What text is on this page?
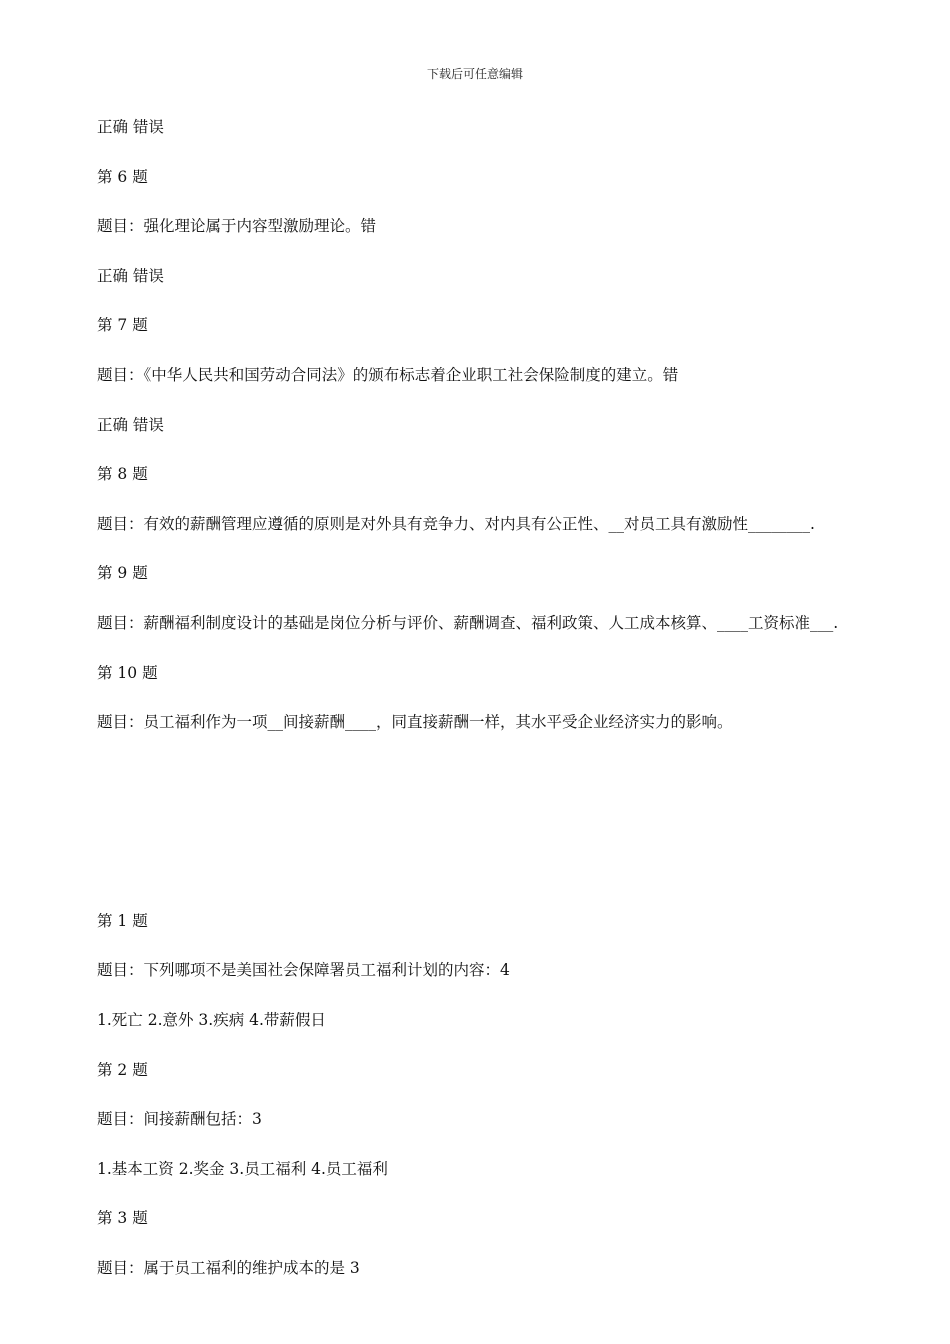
下载后可任意编辑
正确 错误
第 6 题
题目：强化理论属于内容型激励理论。错
正确 错误
第 7 题
题目：《中华人民共和国劳动合同法》的颁布标志着企业职工社会保险制度的建立。错
正确 错误
第 8 题
题目：有效的薪酬管理应遵循的原则是对外具有竞争力、对内具有公正性、__对员工具有激励性________.
第 9 题
题目：薪酬福利制度设计的基础是岗位分析与评价、薪酬调查、福利政策、人工成本核算、____工资标准___.
第 10 题
题目：员工福利作为一项__间接薪酬____，同直接薪酬一样，其水平受企业经济实力的影响。
第 1 题
题目：下列哪项不是美国社会保障署员工福利计划的内容：4
1.死亡 2.意外 3.疾病 4.带薪假日
第 2 题
题目：间接薪酬包括：3
1.基本工资 2.奖金 3.员工福利 4.员工福利
第 3 题
题目：属于员工福利的维护成本的是 3
